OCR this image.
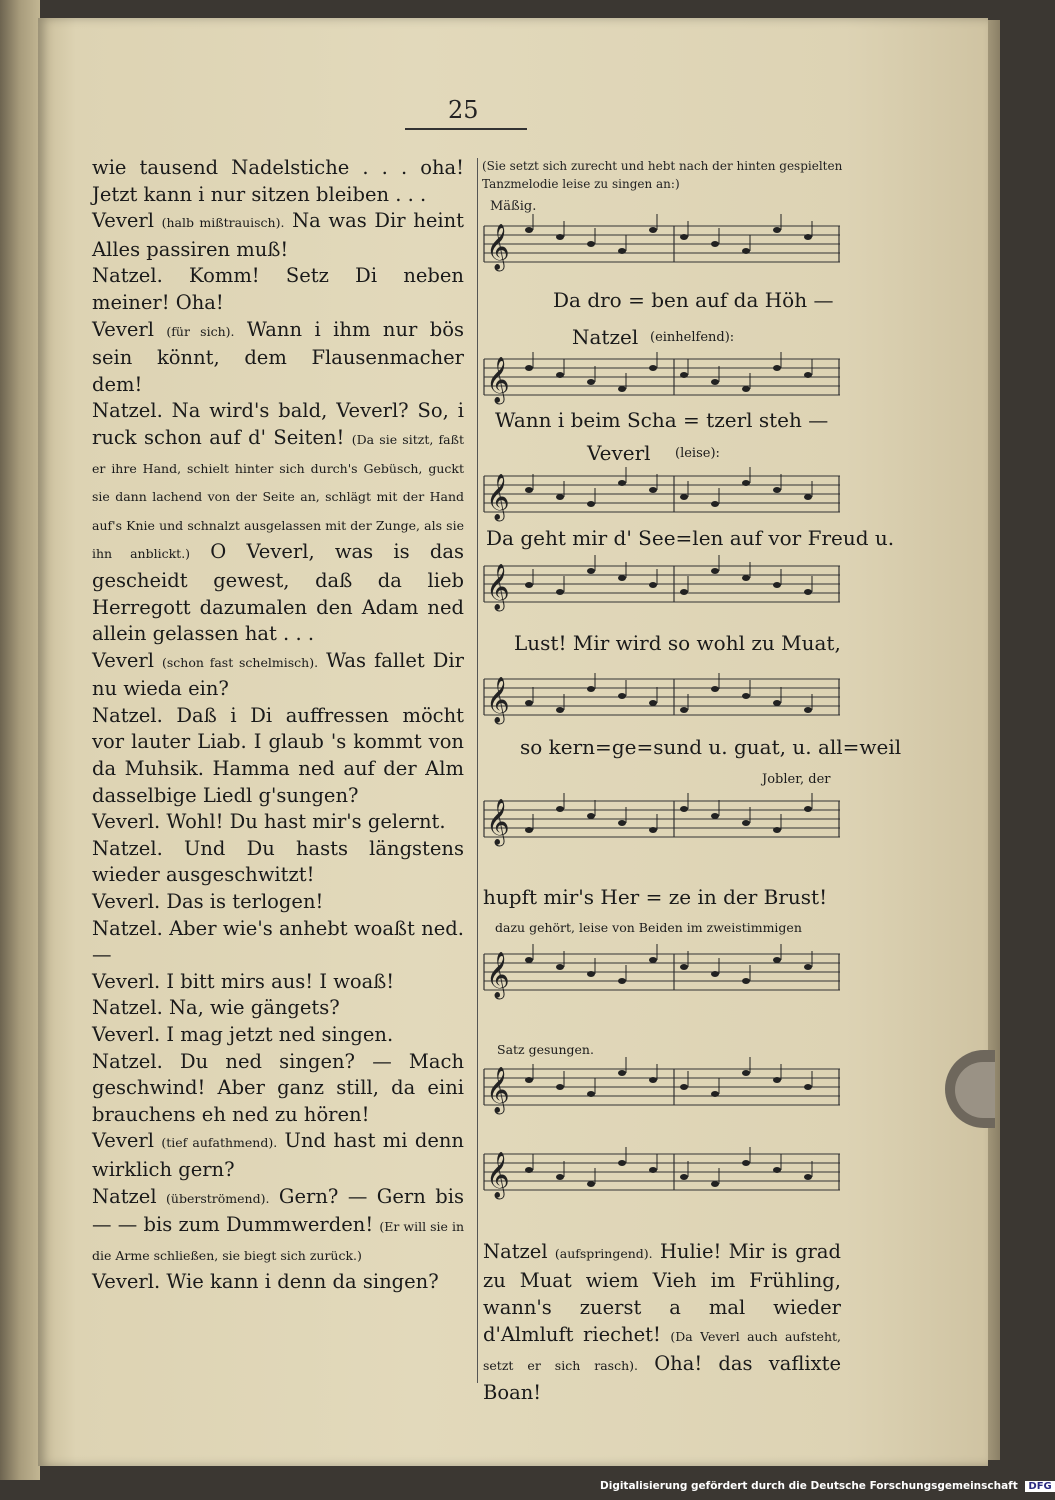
25

wie tausend Nadelstiche . . . oha! Jetzt kann i nur sitzen bleiben . . .

Veverl (halb mißtrauisch). Na was Dir heint Alles passiren muß!

Natzel. Komm! Setz Di neben meiner! Oha!

Veverl (für sich). Wann i ihm nur bös sein könnt, dem Flausenmacher dem!

Natzel. Na wird's bald, Veverl? So, i ruck schon auf d' Seiten! (Da sie sitzt, faßt er ihre Hand, schielt hinter sich durch's Gebüsch, guckt sie dann lachend von der Seite an, schlägt mit der Hand auf's Knie und schnalzt ausgelassen mit der Zunge, als sie ihn anblickt.) O Veverl, was is das gescheidt gewest, daß da lieb Herregott dazumalen den Adam ned allein gelassen hat . . .

Veverl (schon fast schelmisch). Was fallet Dir nu wieda ein?

Natzel. Daß i Di auffressen möcht vor lauter Liab. I glaub 's kommt von da Muhsik. Hamma ned auf der Alm dasselbige Liedl g'sungen?

Veverl. Wohl! Du hast mir's gelernt.

Natzel. Und Du hasts längstens wieder ausgeschwitzt!

Veverl. Das is terlogen!

Natzel. Aber wie's anhebt woaßt ned. —

Veverl. I bitt mirs aus! I woaß!

Natzel. Na, wie gängets?

Veverl. I mag jetzt ned singen.

Natzel. Du ned singen? — Mach geschwind! Aber ganz still, da eini brauchens eh ned zu hören!

Veverl (tief aufathmend). Und hast mi denn wirklich gern?

Natzel (überströmend). Gern? — Gern bis — — bis zum Dummwerden! (Er will sie in die Arme schließen, sie biegt sich zurück.)

Veverl. Wie kann i denn da singen?

(Sie setzt sich zurecht und hebt nach der hinten gespielten Tanzmelodie leise zu singen an:)
Mäßig.
𝄞
Da dro = ben auf da Höh —
Natzel (einhelfend):
𝄞
Wann i beim Scha = tzerl steh —
Veverl (leise):
𝄞
Da geht mir d' See=len auf vor Freud u.
𝄞
Lust! Mir wird so wohl zu Muat,
𝄞
so kern=ge=sund u. guat, u. all=weil
Jobler, der
𝄞
hupft mir's Her = ze in der Brust!
dazu gehört, leise von Beiden im zweistimmigen
𝄞
Satz gesungen.
𝄞
𝄞

Natzel (aufspringend). Hulie! Mir is grad zu Muat wiem Vieh im Frühling, wann's zuerst a mal wieder d'Almluft riechet! (Da Veverl auch aufsteht, setzt er sich rasch). Oha! das vaflixte Boan!

Digitalisierung gefördert durch die Deutsche Forschungsgemeinschaft DFG
